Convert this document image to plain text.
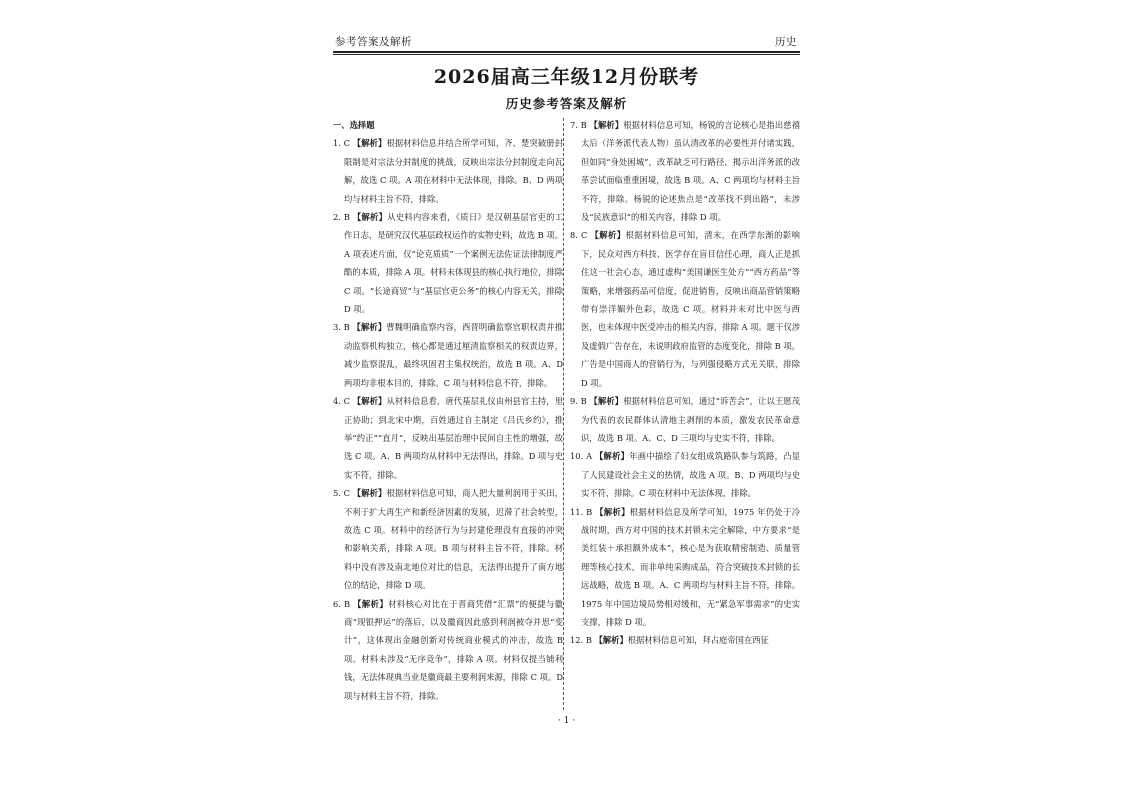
参考答案及解析	历史
2026届高三年级12月份联考
历史参考答案及解析

一、选择题

1. C 【解析】根据材料信息并结合所学可知，齐、楚突破册封限制是对宗法分封制度的挑战，反映出宗法分封制度走向瓦解，故选 C 项。A 项在材料中无法体现，排除。B、D 两项均与材料主旨不符，排除。

2. B 【解析】从史料内容来看，《质日》是汉朝基层官吏的工作日志，是研究汉代基层政权运作的实物史料，故选 B 项。A 项表述片面，仅“论克质质”一个案例无法佐证法律制度严酷的本质，排除 A 项。材料未体现县的核心执行地位，排除 C 项。“长途商贸”与“基层官吏公务”的核心内容无关，排除 D 项。

3. B 【解析】曹魏明确监察内容，西晋明确监察官职权责并推动监察机构独立，核心都是通过厘清监察相关的权责边界，减少监察混乱，最终巩固君主集权统治，故选 B 项。A、D 两项均非根本目的，排除。C 项与材料信息不符，排除。

4. C 【解析】从材料信息看，唐代基层礼仪由州县官主持，里正协助；到北宋中期，百姓通过自主制定《吕氏乡约》，推举“约正”“直月”，反映出基层治理中民间自主性的增强，故选 C 项。A、B 两项均从材料中无法得出，排除。D 项与史实不符，排除。

5. C 【解析】根据材料信息可知，商人把大量利润用于买田，不利于扩大再生产和新经济因素的发展，迟滞了社会转型，故选 C 项。材料中的经济行为与封建伦理没有直接的冲突和影响关系，排除 A 项。B 项与材料主旨不符，排除。材料中没有涉及南北地位对比的信息，无法得出提升了南方地位的结论，排除 D 项。

6. B 【解析】材料核心对比在于晋商凭借“汇票”的便捷与徽商“现银押运”的落后，以及徽商因此感到利润被夺并思“变计”，这体现出金融创新对传统商业模式的冲击，故选 B 项。材料未涉及“无序竞争”，排除 A 项。材料仅提当铺利钱，无法体现典当业是徽商最主要利润来源，排除 C 项。D 项与材料主旨不符，排除。

7. B 【解析】根据材料信息可知，杨锐的言论核心是指出慈禧太后（洋务派代表人物）虽认清改革的必要性并付诸实践，但如同“身处困城”，改革缺乏可行路径，揭示出洋务派的改革尝试面临重重困境，故选 B 项。A、C 两项均与材料主旨不符，排除。杨锐的论述焦点是“改革找不到出路”，未涉及“民族意识”的相关内容，排除 D 项。

8. C 【解析】根据材料信息可知，清末，在西学东渐的影响下，民众对西方科技、医学存在盲目信任心理，商人正是抓住这一社会心态，通过虚构“美国谦医生处方”“西方药品”等策略，来增强药品可信度，促进销售，反映出商品营销策略带有崇洋媚外色彩，故选 C 项。材料并未对比中医与西医，也未体现中医受冲击的相关内容，排除 A 项。题干仅涉及虚假广告存在，未说明政府监管的态度变化，排除 B 项。广告是中国商人的营销行为，与列强侵略方式无关联，排除 D 项。

9. B 【解析】根据材料信息可知，通过“诉苦会”，让以王愿茂为代表的农民群体认清地主剥削的本质，激发农民革命意识，故选 B 项。A、C、D 三项均与史实不符，排除。

10. A 【解析】年画中描绘了妇女组成筑路队参与筑路，凸显了人民建设社会主义的热情，故选 A 项。B、D 两项均与史实不符，排除。C 项在材料中无法体现，排除。

11. B 【解析】根据材料信息及所学可知，1975 年仍处于冷战时期，西方对中国的技术封锁未完全解除，中方要求“是美红装＋承担额外成本”，核心是为获取精密制造、质量管理等核心技术，而非单纯采购成品，符合突破技术封锁的长远战略，故选 B 项。A、C 两项均与材料主旨不符，排除。1975 年中国边境局势相对缓和，无“紧急军事需求”的史实支撑，排除 D 项。

12. B 【解析】根据材料信息可知，拜占庭帝国在西征

· 1 ·
